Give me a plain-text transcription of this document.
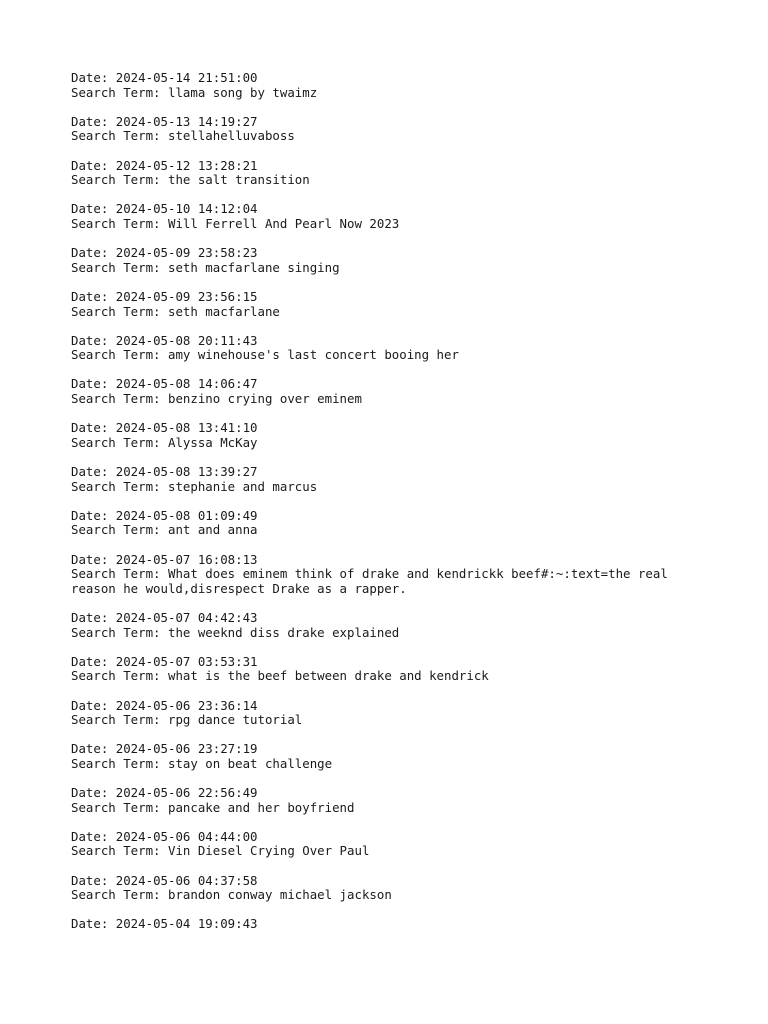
Date: 2024-05-14 21:51:00
Search Term: llama song by twaimz
Date: 2024-05-13 14:19:27
Search Term: stellahelluvaboss
Date: 2024-05-12 13:28:21
Search Term: the salt transition
Date: 2024-05-10 14:12:04
Search Term: Will Ferrell And Pearl Now 2023
Date: 2024-05-09 23:58:23
Search Term: seth macfarlane singing
Date: 2024-05-09 23:56:15
Search Term: seth macfarlane
Date: 2024-05-08 20:11:43
Search Term: amy winehouse's last concert booing her
Date: 2024-05-08 14:06:47
Search Term: benzino crying over eminem
Date: 2024-05-08 13:41:10
Search Term: Alyssa McKay
Date: 2024-05-08 13:39:27
Search Term: stephanie and marcus
Date: 2024-05-08 01:09:49
Search Term: ant and anna
Date: 2024-05-07 16:08:13
Search Term: What does eminem think of drake and kendrickk beef#:~:text=the real reason he would,disrespect Drake as a rapper.
Date: 2024-05-07 04:42:43
Search Term: the weeknd diss drake explained
Date: 2024-05-07 03:53:31
Search Term: what is the beef between drake and kendrick
Date: 2024-05-06 23:36:14
Search Term: rpg dance tutorial
Date: 2024-05-06 23:27:19
Search Term: stay on beat challenge
Date: 2024-05-06 22:56:49
Search Term: pancake and her boyfriend
Date: 2024-05-06 04:44:00
Search Term: Vin Diesel Crying Over Paul
Date: 2024-05-06 04:37:58
Search Term: brandon conway michael jackson
Date: 2024-05-04 19:09:43
